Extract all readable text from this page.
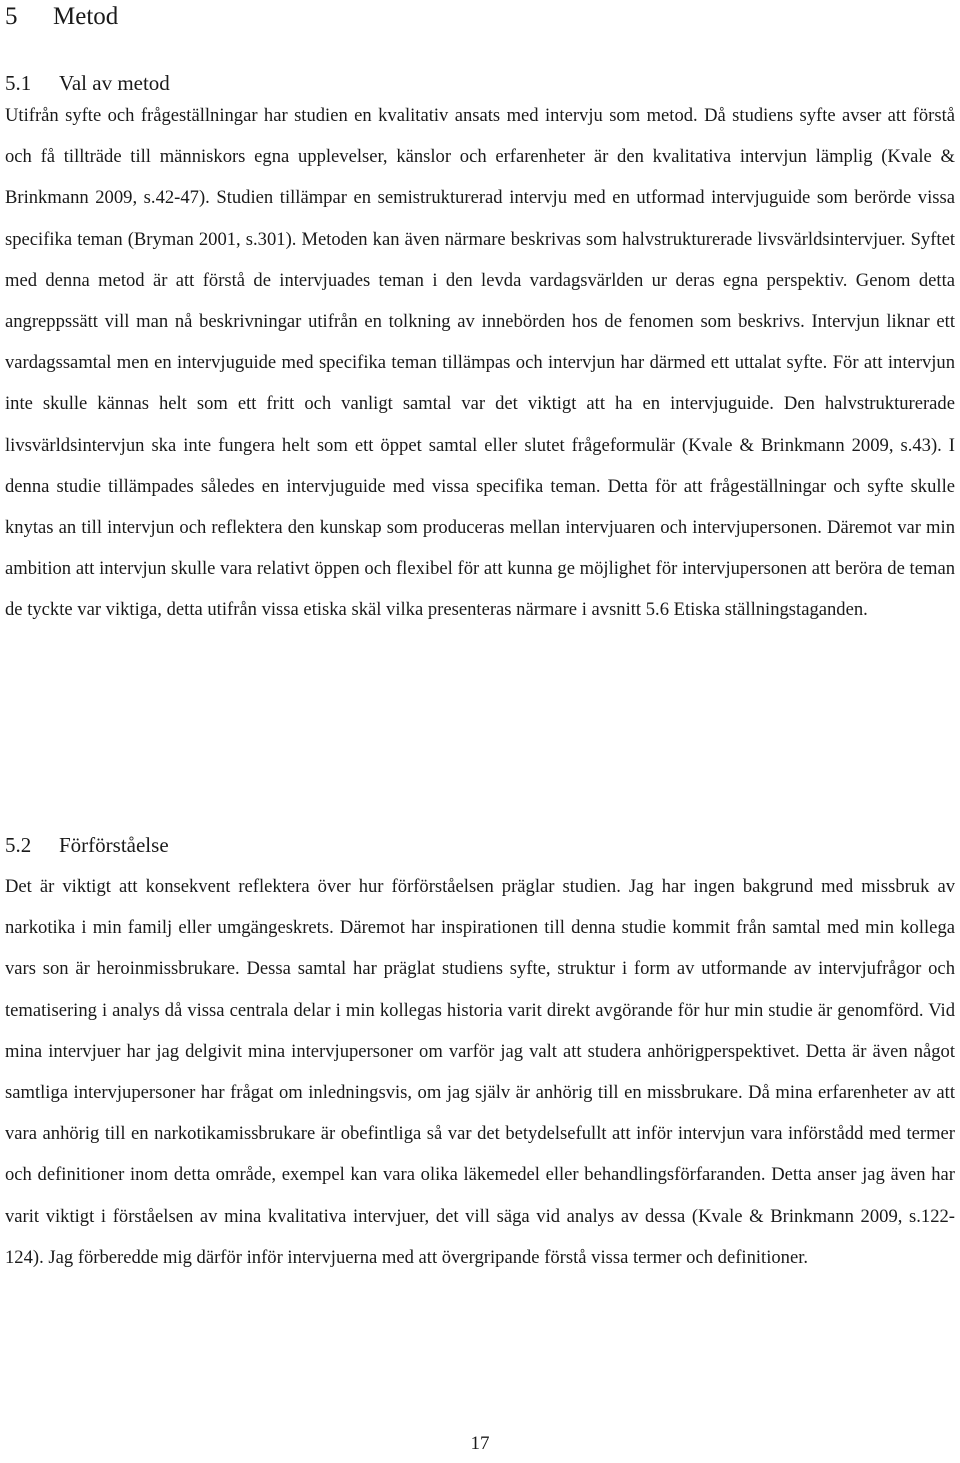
5 Metod
5.1 Val av metod

Utifrån syfte och frågeställningar har studien en kvalitativ ansats med intervju som metod. Då studiens syfte avser att förstå och få tillträde till människors egna upplevelser, känslor och erfarenheter är den kvalitativa intervjun lämplig (Kvale & Brinkmann 2009, s.42-47). Studien tillämpar en semistrukturerad intervju med en utformad intervjuguide som berörde vissa specifika teman (Bryman 2001, s.301). Metoden kan även närmare beskrivas som halvstrukturerade livsvärldsintervjuer. Syftet med denna metod är att förstå de intervjuades teman i den levda vardagsvärlden ur deras egna perspektiv. Genom detta angreppssätt vill man nå beskrivningar utifrån en tolkning av innebörden hos de fenomen som beskrivs. Intervjun liknar ett vardagssamtal men en intervjuguide med specifika teman tillämpas och intervjun har därmed ett uttalat syfte. För att intervjun inte skulle kännas helt som ett fritt och vanligt samtal var det viktigt att ha en intervjuguide. Den halvstrukturerade livsvärldsintervjun ska inte fungera helt som ett öppet samtal eller slutet frågeformulär (Kvale & Brinkmann 2009, s.43). I denna studie tillämpades således en intervjuguide med vissa specifika teman. Detta för att frågeställningar och syfte skulle knytas an till intervjun och reflektera den kunskap som produceras mellan intervjuaren och intervjupersonen. Däremot var min ambition att intervjun skulle vara relativt öppen och flexibel för att kunna ge möjlighet för intervjupersonen att beröra de teman de tyckte var viktiga, detta utifrån vissa etiska skäl vilka presenteras närmare i avsnitt 5.6 Etiska ställningstaganden.

5.2 Förförståelse

Det är viktigt att konsekvent reflektera över hur förförståelsen präglar studien. Jag har ingen bakgrund med missbruk av narkotika i min familj eller umgängeskrets. Däremot har inspirationen till denna studie kommit från samtal med min kollega vars son är heroinmissbrukare. Dessa samtal har präglat studiens syfte, struktur i form av utformande av intervjufrågor och tematisering i analys då vissa centrala delar i min kollegas historia varit direkt avgörande för hur min studie är genomförd. Vid mina intervjuer har jag delgivit mina intervjupersoner om varför jag valt att studera anhörigperspektivet. Detta är även något samtliga intervjupersoner har frågat om inledningsvis, om jag själv är anhörig till en missbrukare. Då mina erfarenheter av att vara anhörig till en narkotikamissbrukare är obefintliga så var det betydelsefullt att inför intervjun vara införstådd med termer och definitioner inom detta område, exempel kan vara olika läkemedel eller behandlingsförfaranden. Detta anser jag även har varit viktigt i förståelsen av mina kvalitativa intervjuer, det vill säga vid analys av dessa (Kvale & Brinkmann 2009, s.122-124). Jag förberedde mig därför inför intervjuerna med att övergripande förstå vissa termer och definitioner.

17
